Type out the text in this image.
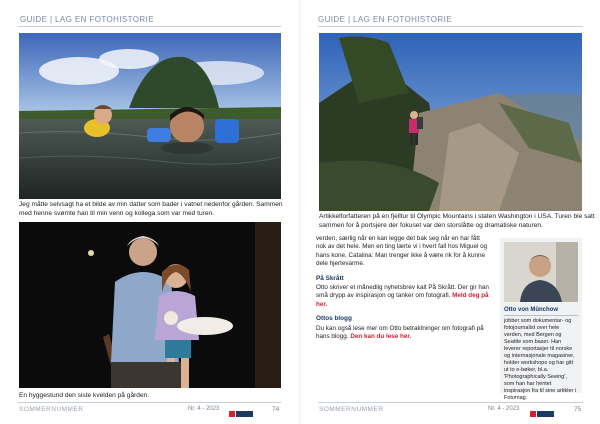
GUIDE | LAG EN FOTOHISTORIE
Jeg måtte selvsagt ha et bilde av min datter som bader i vatnet nedenfor gården. Sammen med henne svømte han til min venn og kollega som var med turen.
En hyggestund den siste kvelden på gården.
SOMMERNUMMER	Nr. 4 - 2023	74
GUIDE | LAG EN FOTOHISTORIE
Artikkelforfatteren på en fjelltur til Olympic Mountains i staten Washington i USA. Turen ble satt sammen for å portsjere der fokuset var den storslåtte og dramatiske naturen.

verden, særlig når en kan legge det bak seg når en har fått nok av det hele. Men en ting lærte vi i hvert fall hos Miguel og hans kone, Catalina: Man trenger ikke å være rik for å kunne dele hjertevarme.

På Skrått

Otto skriver et månedlig nyhetsbrev kalt På Skrått. Der gir han små drypp av inspirasjon og tanker om fotografi. Meld deg på her.

Ottos blogg

Du kan også lese mer om Otto betraktninger om fotografi på hans blogg. Den kan du lese her.

Otto von Münchow
jobber som dokumentar- og fotojournalist over hele verden, med Bergen og Seattle som baser. Han leverer reportasjer til norske og internasjonale magasiner, holder workshops og har gitt ut to e-bøker, bl.a. 'Photographically Seeing', som han har hentet inspirasjon fra til sine artikler i Fotomag.
SOMMERNUMMER	Nr. 4 - 2023	75
